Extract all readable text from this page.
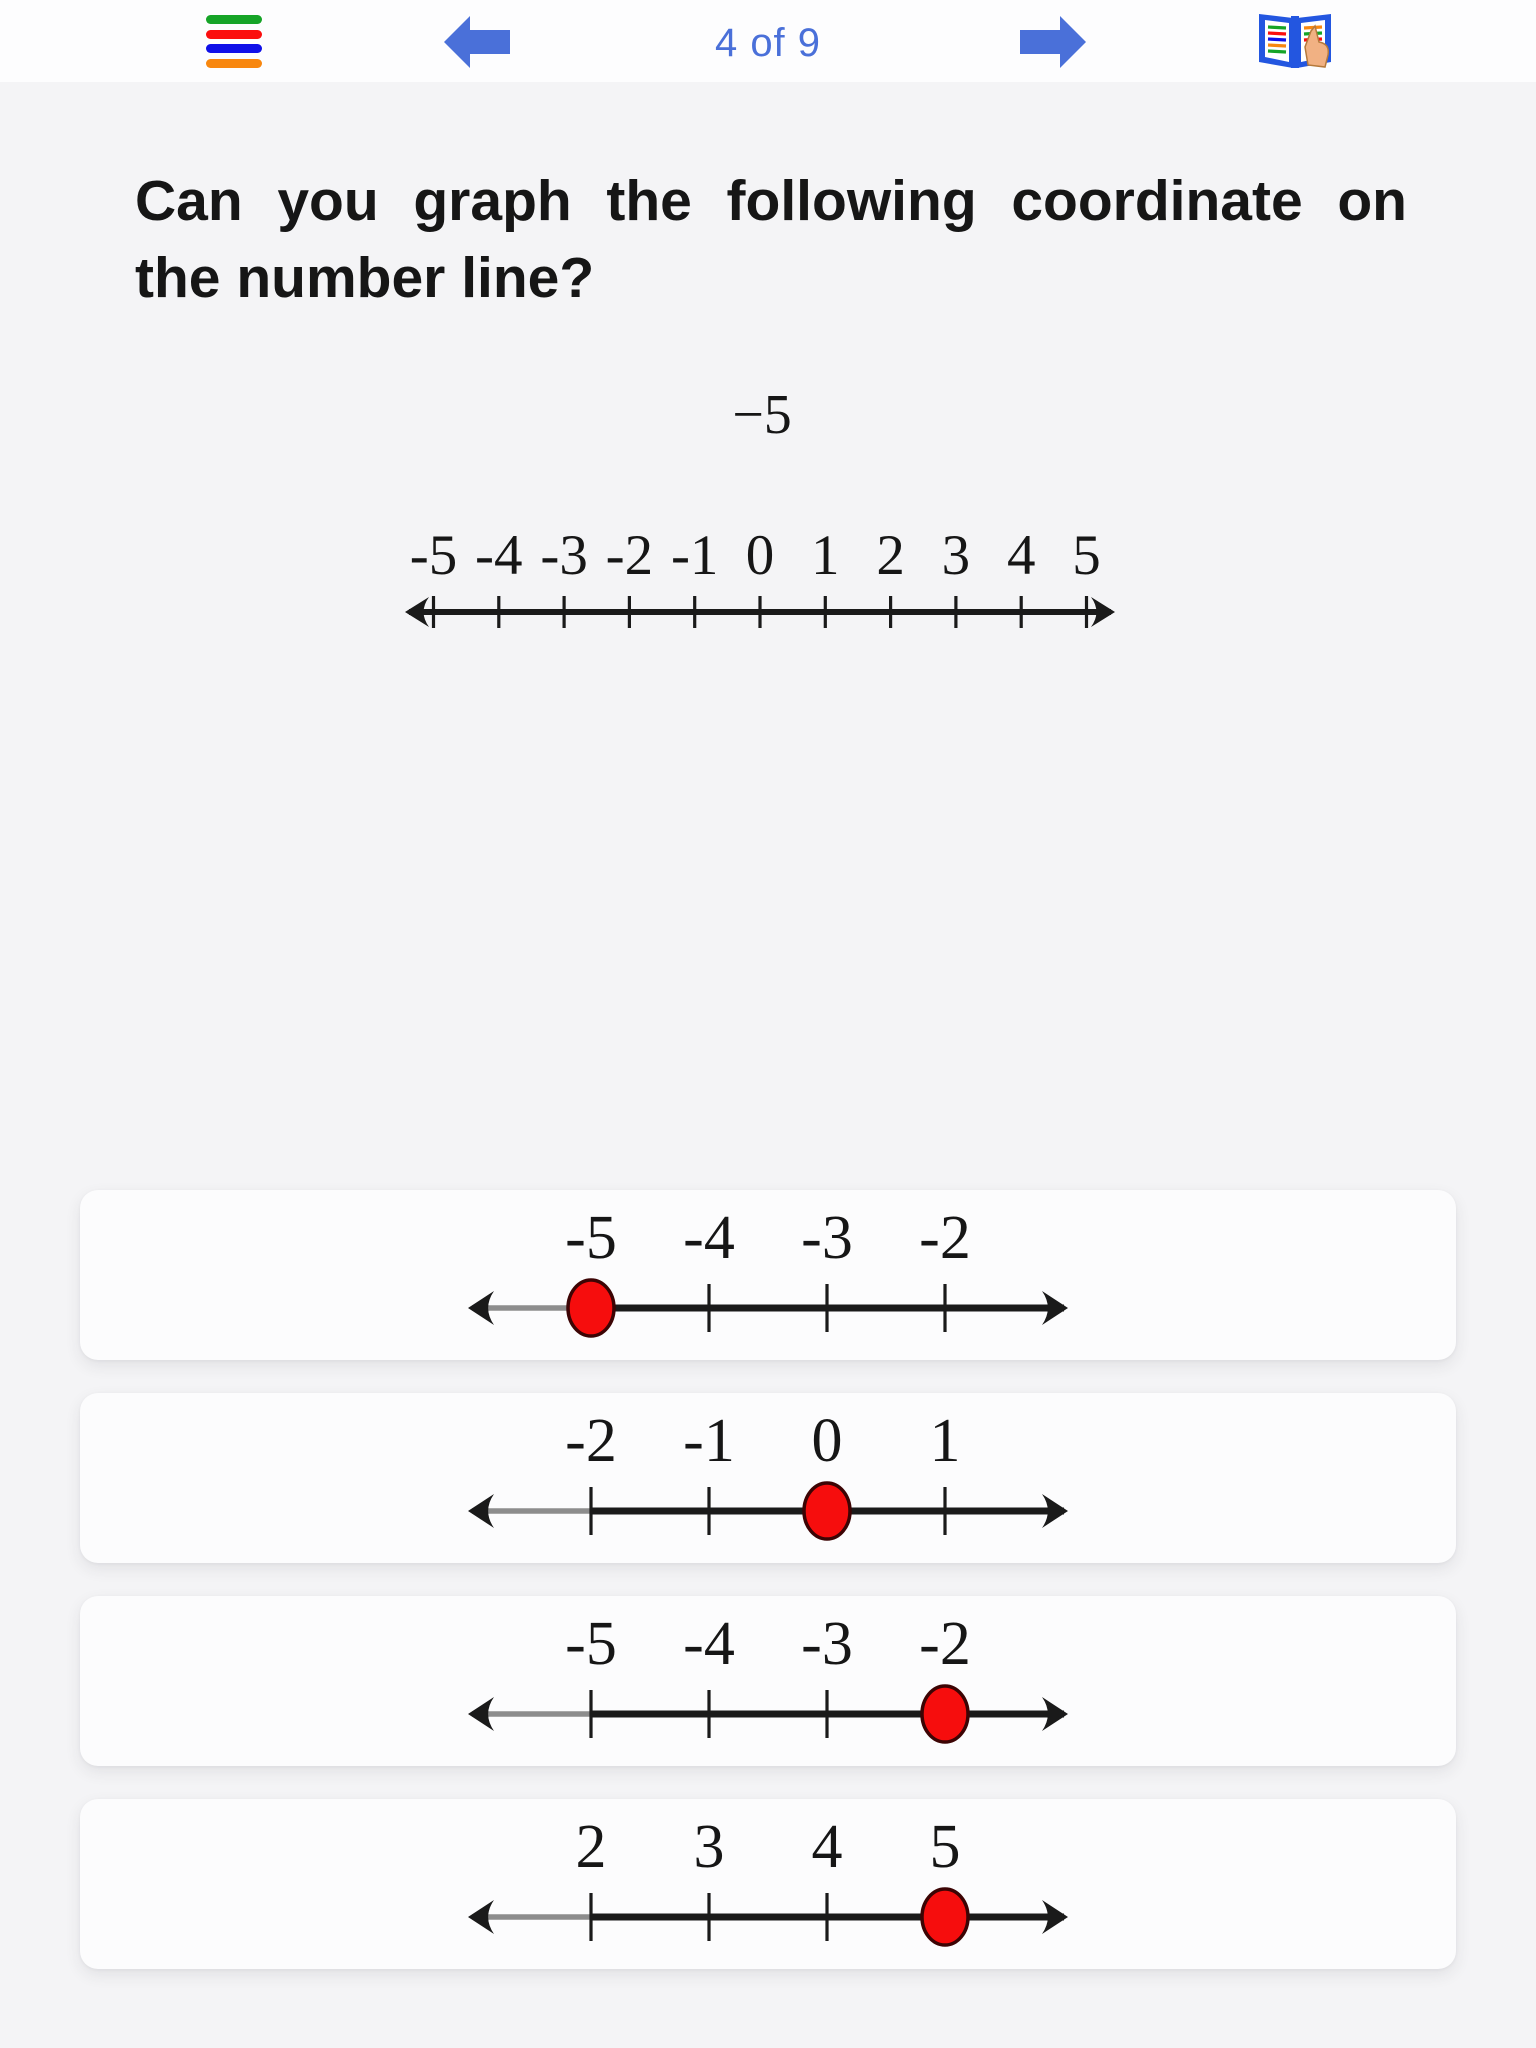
4 of 9
Can you graph the following coordinate on
the number line?
−5
-5 -4 -3 -2 -1 0 1 2 3 4 5
-5 -4 -3 -2
-2 -1 0 1
-5 -4 -3 -2
2 3 4 5
